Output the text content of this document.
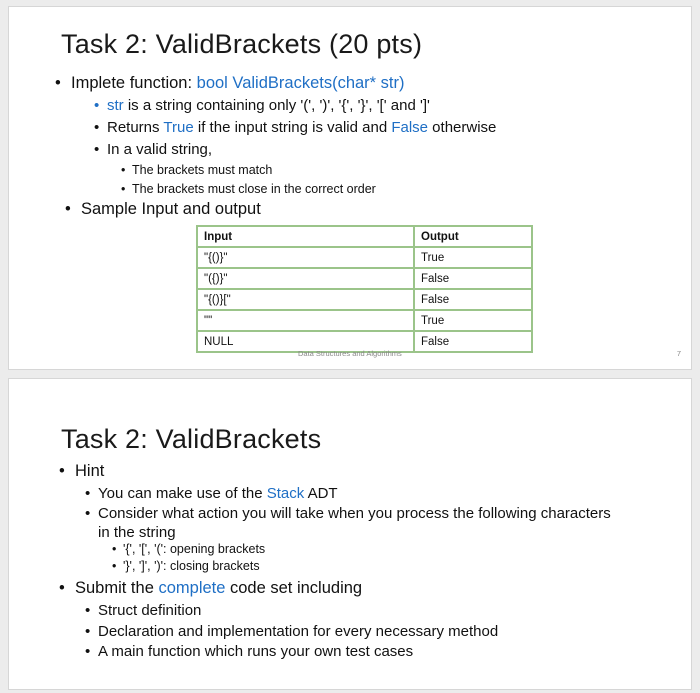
Task 2: ValidBrackets (20 pts)
• Implete function: bool ValidBrackets(char* str)
• str is a string containing only '(', ')', '{', '}', '[' and ']'
• Returns True if the input string is valid and False otherwise
• In a valid string,
• The brackets must match
• The brackets must close in the correct order
• Sample Input and output
Input	Output
"{()}"	True
"({)}"	False
"{()}["	False
""	True
NULL	False
Data Structures and Algorithms	7
Task 2: ValidBrackets
• Hint
• You can make use of the Stack ADT
• Consider what action you will take when you process the following characters
in the string
• '{', '[', '(': opening brackets
• '}', ']', ')': closing brackets
• Submit the complete code set including
• Struct definition
• Declaration and implementation for every necessary method
• A main function which runs your own test cases
